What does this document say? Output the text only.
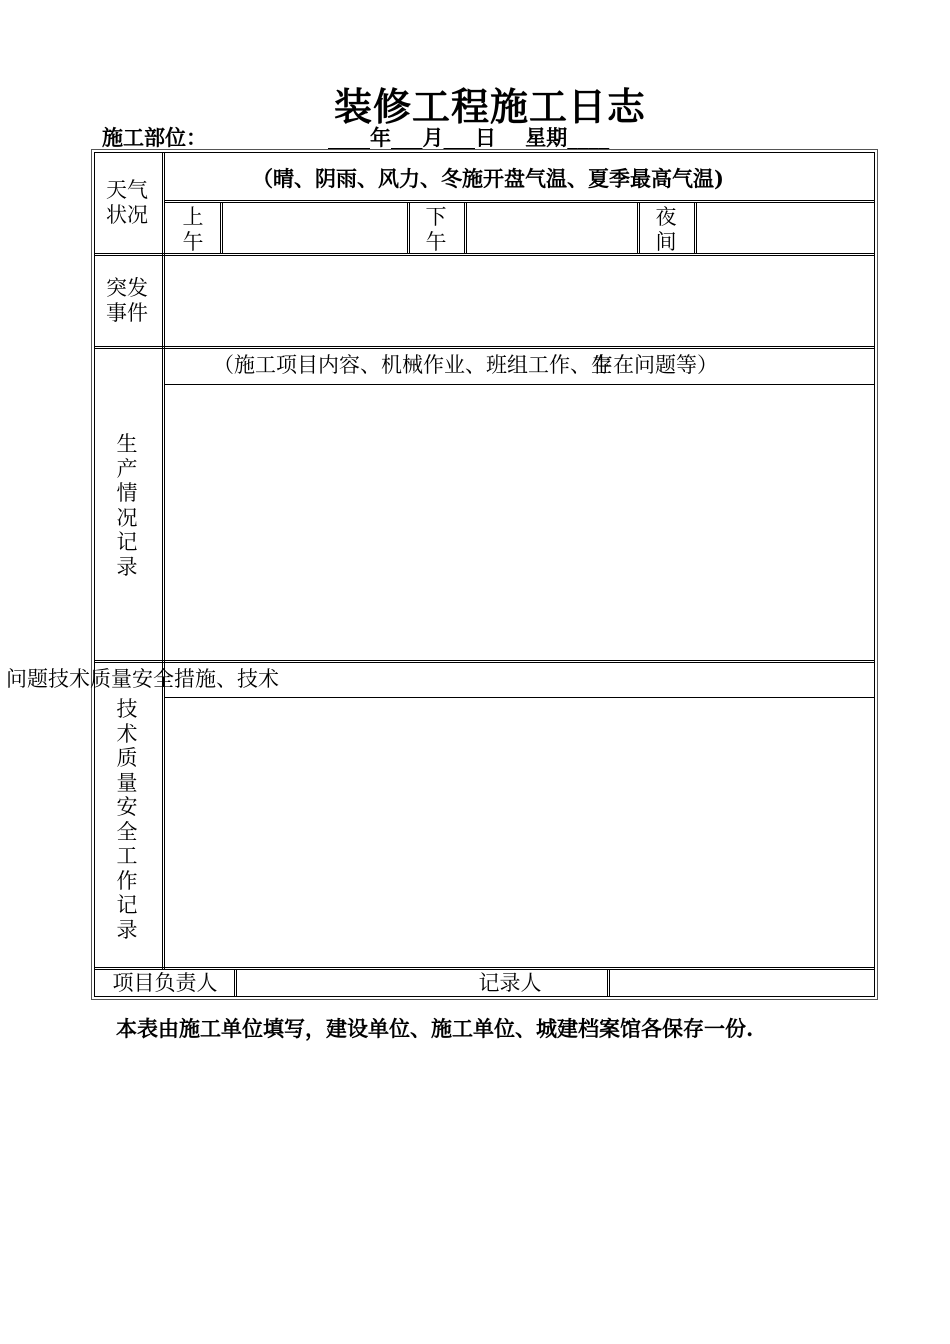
装修工程施工日志
施工部位：	____年___月___日    星期____
天气状况
（晴、阴雨、风力、冬施开盘气温、夏季最高气温)
上午
下午
夜间
突发事件
（施工项目内容、机械作业、班组工作、生
存在问题等）
生产情况记录
问题技术质量安全措施、技术
技术质量安全工作记录
项目负责人	记录人
本表由施工单位填写，建设单位、施工单位、城建档案馆各保存一份.
